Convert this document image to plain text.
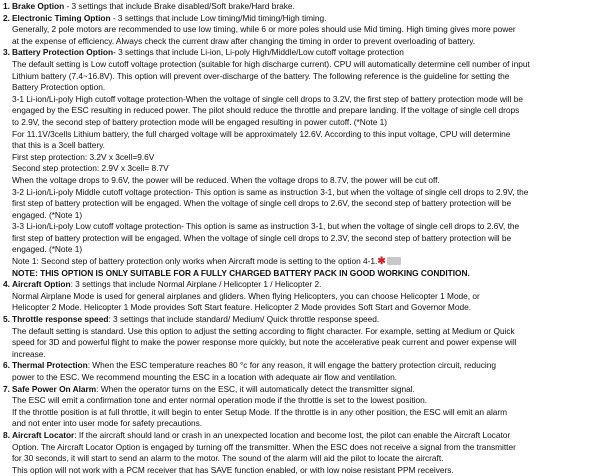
1. Brake Option - 3 settings that include Brake disabled/Soft brake/Hard brake.
2. Electronic Timing Option - 3 settings that include Low timing/Mid timing/High timing.
Generally, 2 pole motors are recommended to use low timing, while 6 or more poles should use Mid timing. High timing gives more power
at the expense of efficiency. Always check the current draw after changing the timing in order to prevent overloading of battery.
3. Battery Protection Option- 3 settings that include Li-ion, Li-poly High/Middle/Low cutoff voltage protection
The default setting is Low cutoff voltage protection (suitable for high discharge current). CPU will automatically determine cell number of input
Lithium battery (7.4~16.8V). This option will prevent over-discharge of the battery. The following reference is the guideline for setting the
Battery Protection option.
3-1 Li-ion/Li-poly High cutoff voltage protection-When the voltage of single cell drops to 3.2V, the first step of battery protection mode will be
engaged by the ESC resulting in reduced power. The pilot should reduce the throttle and prepare landing. If the voltage of single cell drops
to 2.9V, the second step of battery protection mode will be engaged resulting in power cutoff. (*Note 1)
For 11.1V/3cells Lithium battery, the full charged voltage will be approximately 12.6V. According to this input voltage, CPU will determine
that this is a 3cell battery.
First step protection: 3.2V x 3cell=9.6V
Second step protection: 2.9V x 3cell= 8.7V
When the voltage drops to 9.6V, the power will be reduced. When the voltage drops to 8.7V, the power will be cut off.
3-2 Li-ion/Li-poly Middle cutoff voltage protection- This option is same as instruction 3-1, but when the voltage of single cell drops to 2.9V, the
first step of battery protection will be engaged. When the voltage of single cell drops to 2.6V, the second step of battery protection will be
engaged. (*Note 1)
3-3 Li-ion/Li-poly Low cutoff voltage protection- This option is same as instruction 3-1, but when the voltage of single cell drops to 2.6V, the
first step of battery protection will be engaged. When the voltage of single cell drops to 2.3V, the second step of battery protection will be
engaged. (*Note 1)
Note 1: Second step of battery protection only works when Aircraft mode is setting to the option 4-1.✱
NOTE: THIS OPTION IS ONLY SUITABLE FOR A FULLY CHARGED BATTERY PACK IN GOOD WORKING CONDITION.
4. Aircraft Option: 3 settings that include Normal Airplane / Helicopter 1 / Helicopter 2.
Normal Airplane Mode is used for general airplanes and gliders. When flying Helicopters, you can choose Helicopter 1 Mode, or
Helicopter 2 Mode. Helicopter 1 Mode provides Soft Start feature. Helicopter 2 Mode provides Soft Start and Governor Mode.
5. Throttle response speed: 3 settings that include standard/ Medium/ Quick throttle response speed.
The default setting is standard. Use this option to adjust the setting according to flight character. For example, setting at Medium or Quick
speed for 3D and powerful flight to make the power response more quickly, but note the accelerative peak current and power expense will
increase.
6. Thermal Protection: When the ESC temperature reaches 80 °c for any reason, it will engage the battery protection circuit, reducing
power to the ESC. We recommend mounting the ESC in a location with adequate air flow and ventilation.
7. Safe Power On Alarm: When the operator turns on the ESC, it will automatically detect the transmitter signal.
The ESC will emit a confirmation tone and enter normal operation mode if the throttle is set to the lowest position.
If the throttle position is at full throttle, it will begin to enter Setup Mode. If the throttle is in any other position, the ESC will emit an alarm
and not enter into user mode for safety precautions.
8. Aircraft Locator: If the aircraft should land or crash in an unexpected location and become lost, the pilot can enable the Aircraft Locator
Option. The Aircraft Locator Option is engaged by turning off the transmitter. When the ESC does not receive a signal from the transmitter
for 30 seconds, it will start to send an alarm to the motor. The sound of the alarm will aid the pilot to locate the aircraft.
This option will not work with a PCM receiver that has SAVE function enabled, or with low noise resistant PPM receivers.
